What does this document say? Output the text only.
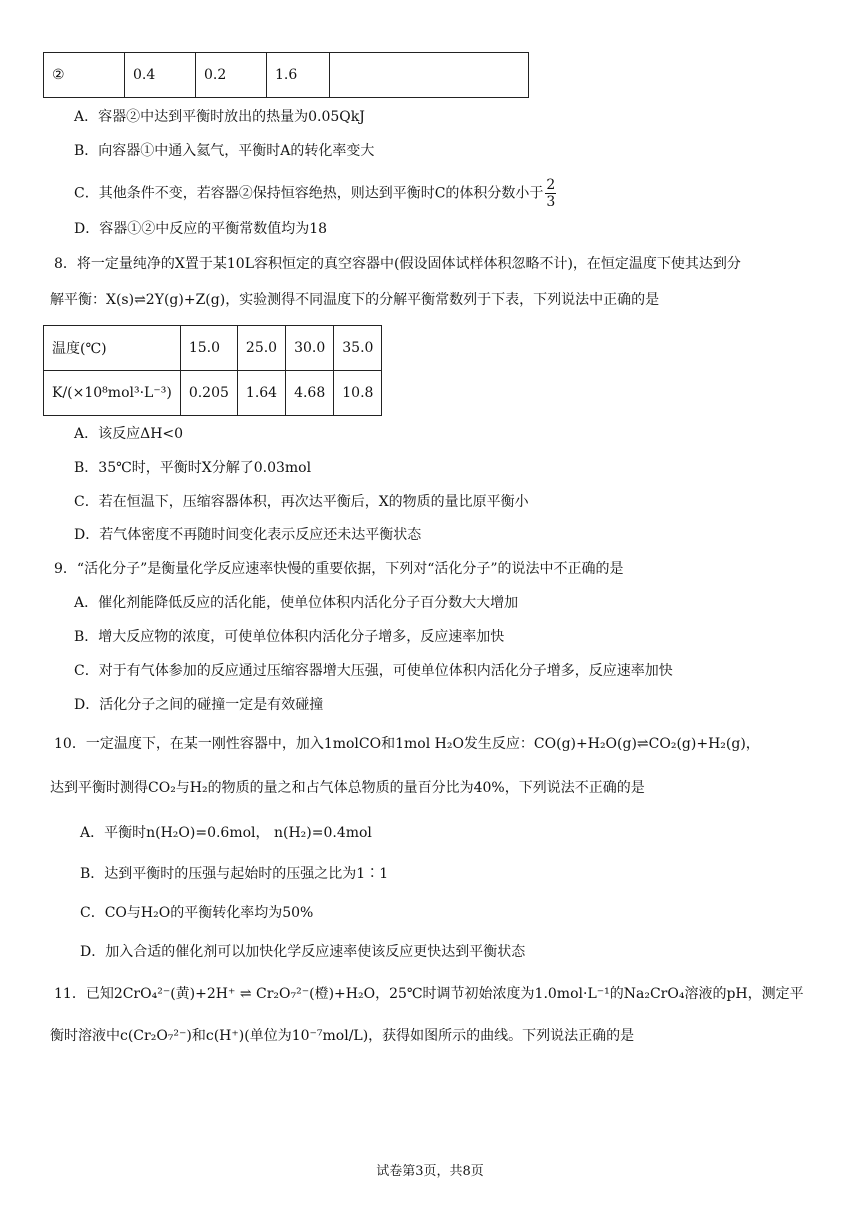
②	0.4	0.2	1.6	
A．容器②中达到平衡时放出的热量为0.05QkJ
B．向容器①中通入氦气，平衡时A的转化率变大
C．其他条件不变，若容器②保持恒容绝热，则达到平衡时C的体积分数小于 $\frac{2}{3}$
D．容器①②中反应的平衡常数值均为18
8．将一定量纯净的X置于某10L容积恒定的真空容器中(假设固体试样体积忽略不计)，在恒定温度下使其达到分
解平衡：X(s)⇌2Y(g)+Z(g)，实验测得不同温度下的分解平衡常数列于下表，下列说法中正确的是
温度(℃)	15.0	25.0	30.0	35.0
K/(×10⁸mol³·L⁻³)	0.205	1.64	4.68	10.8
A．该反应ΔH<0
B．35℃时，平衡时X分解了0.03mol
C．若在恒温下，压缩容器体积，再次达平衡后，X的物质的量比原平衡小
D．若气体密度不再随时间变化表示反应还未达平衡状态
9．“活化分子”是衡量化学反应速率快慢的重要依据，下列对“活化分子”的说法中不正确的是
A．催化剂能降低反应的活化能，使单位体积内活化分子百分数大大增加
B．增大反应物的浓度，可使单位体积内活化分子增多，反应速率加快
C．对于有气体参加的反应通过压缩容器增大压强，可使单位体积内活化分子增多，反应速率加快
D．活化分子之间的碰撞一定是有效碰撞
10．一定温度下，在某一刚性容器中，加入1molCO和1mol H₂O发生反应：CO(g)+H₂O(g)⇌CO₂(g)+H₂(g)，
达到平衡时测得CO₂与H₂的物质的量之和占气体总物质的量百分比为40%，下列说法不正确的是
A．平衡时n(H₂O)=0.6mol， n(H₂)=0.4mol
B．达到平衡时的压强与起始时的压强之比为1∶1
C．CO与H₂O的平衡转化率均为50%
D．加入合适的催化剂可以加快化学反应速率使该反应更快达到平衡状态
11．已知2CrO₄²⁻(黄)+2H⁺ ⇌ Cr₂O₇²⁻(橙)+H₂O，25℃时调节初始浓度为1.0mol·L⁻¹的Na₂CrO₄溶液的pH，测定平
衡时溶液中c(Cr₂O₇²⁻)和c(H⁺)(单位为10⁻⁷mol/L)，获得如图所示的曲线。下列说法正确的是
试卷第3页，共8页
